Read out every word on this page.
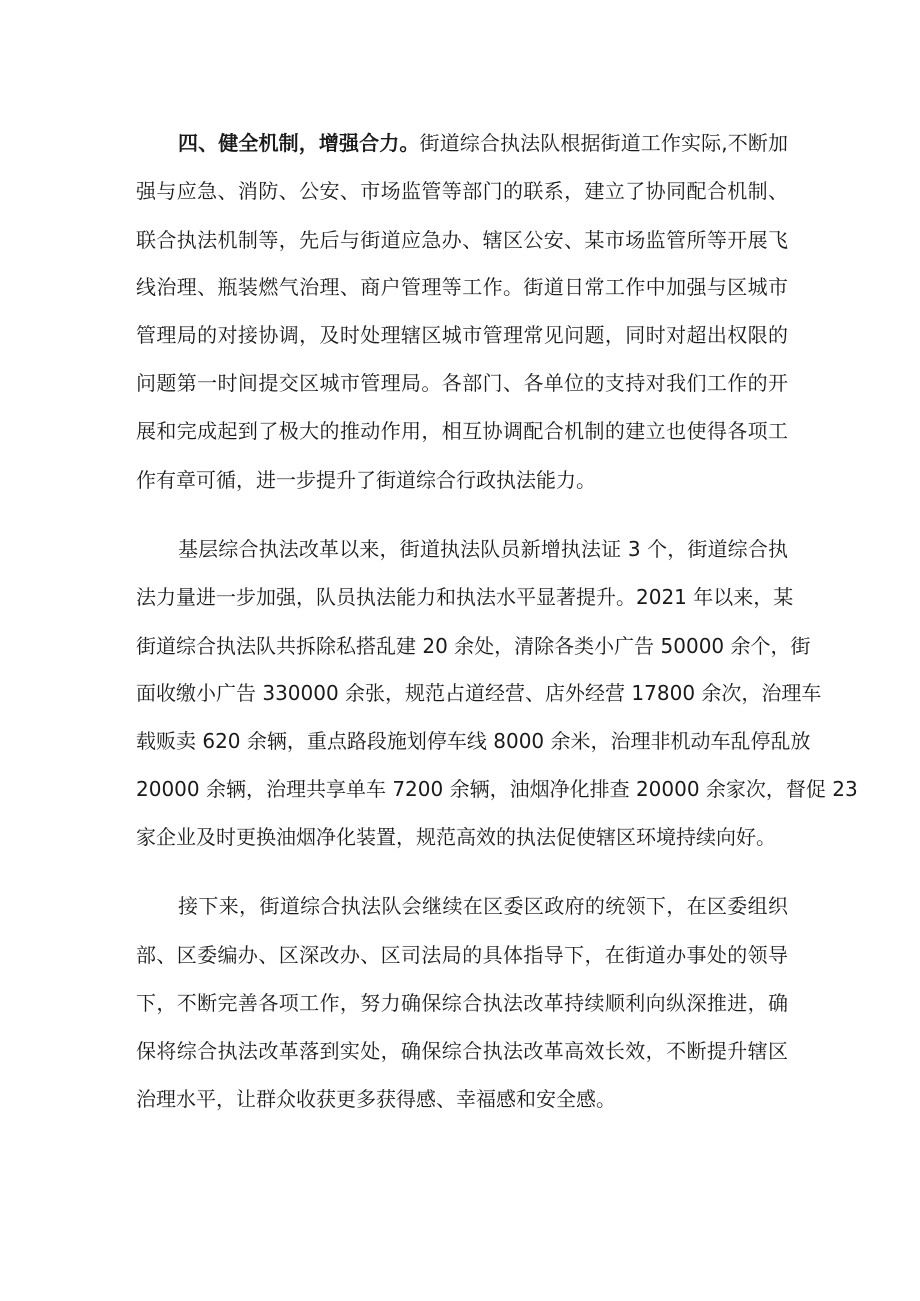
四、健全机制，增强合力。街道综合执法队根据街道工作实际,不断加
强与应急、消防、公安、市场监管等部门的联系，建立了协同配合机制、
联合执法机制等，先后与街道应急办、辖区公安、某市场监管所等开展飞
线治理、瓶装燃气治理、商户管理等工作。街道日常工作中加强与区城市
管理局的对接协调，及时处理辖区城市管理常见问题，同时对超出权限的
问题第一时间提交区城市管理局。各部门、各单位的支持对我们工作的开
展和完成起到了极大的推动作用，相互协调配合机制的建立也使得各项工
作有章可循，进一步提升了街道综合行政执法能力。
基层综合执法改革以来，街道执法队员新增执法证 3 个，街道综合执
法力量进一步加强，队员执法能力和执法水平显著提升。2021 年以来，某
街道综合执法队共拆除私搭乱建 20 余处，清除各类小广告 50000 余个，街
面收缴小广告 330000 余张，规范占道经营、店外经营 17800 余次，治理车
载贩卖 620 余辆，重点路段施划停车线 8000 余米，治理非机动车乱停乱放
20000 余辆，治理共享单车 7200 余辆，油烟净化排查 20000 余家次，督促 23
家企业及时更换油烟净化装置，规范高效的执法促使辖区环境持续向好。
接下来，街道综合执法队会继续在区委区政府的统领下，在区委组织
部、区委编办、区深改办、区司法局的具体指导下，在街道办事处的领导
下，不断完善各项工作，努力确保综合执法改革持续顺利向纵深推进，确
保将综合执法改革落到实处，确保综合执法改革高效长效，不断提升辖区
治理水平，让群众收获更多获得感、幸福感和安全感。
